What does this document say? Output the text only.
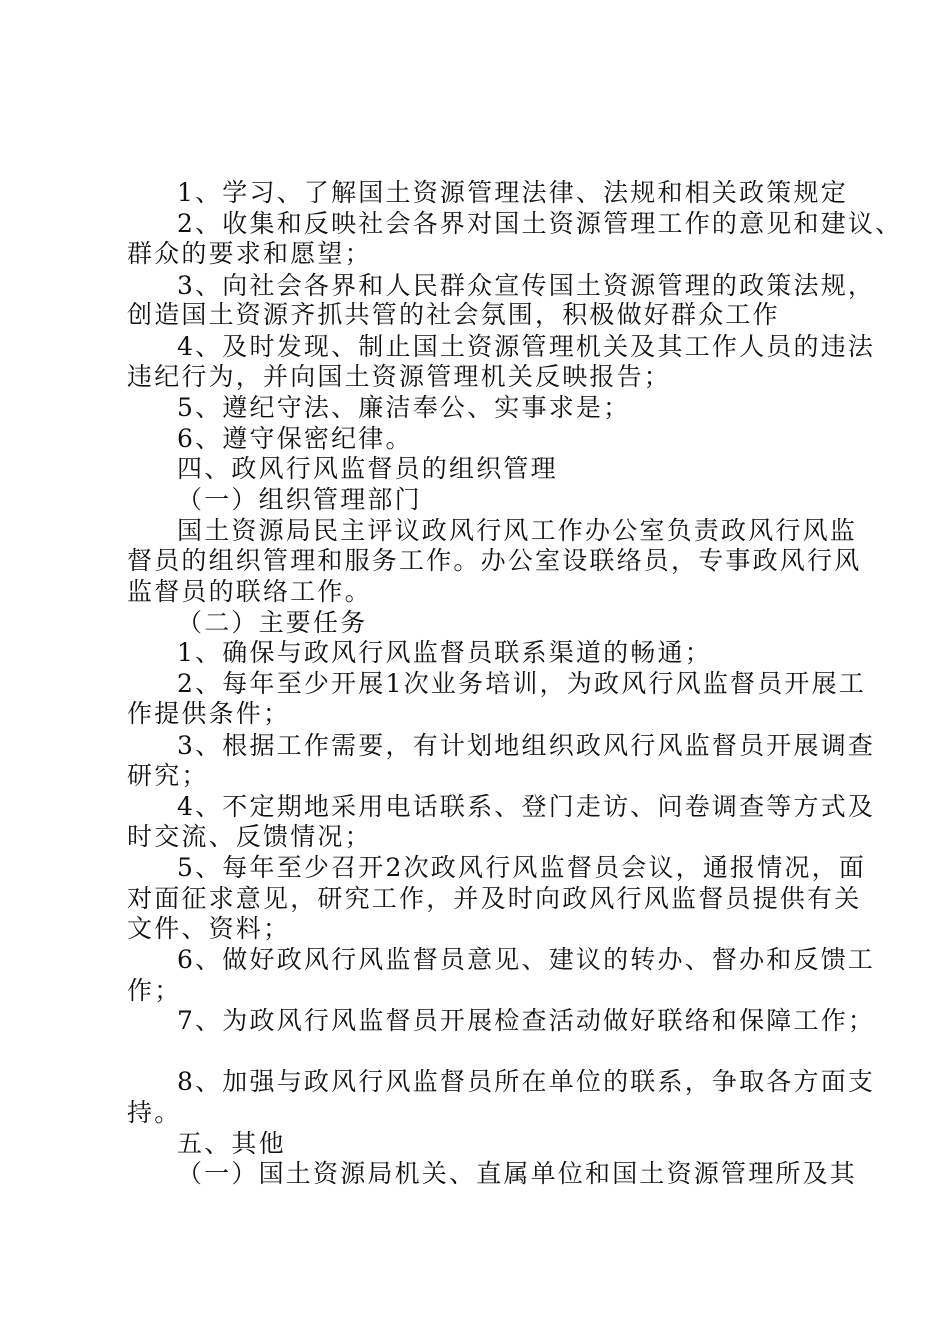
1、学习、了解国土资源管理法律、法规和相关政策规定
2、收集和反映社会各界对国土资源管理工作的意见和建议、
群众的要求和愿望；
3、向社会各界和人民群众宣传国土资源管理的政策法规，
创造国土资源齐抓共管的社会氛围，积极做好群众工作
4、及时发现、制止国土资源管理机关及其工作人员的违法
违纪行为，并向国土资源管理机关反映报告；
5、遵纪守法、廉洁奉公、实事求是；
6、遵守保密纪律。
四、政风行风监督员的组织管理
（一）组织管理部门
国土资源局民主评议政风行风工作办公室负责政风行风监
督员的组织管理和服务工作。办公室设联络员，专事政风行风
监督员的联络工作。
（二）主要任务
1、确保与政风行风监督员联系渠道的畅通；
2、每年至少开展1次业务培训，为政风行风监督员开展工
作提供条件；
3、根据工作需要，有计划地组织政风行风监督员开展调查
研究；
4、不定期地采用电话联系、登门走访、问卷调查等方式及
时交流、反馈情况；
5、每年至少召开2次政风行风监督员会议，通报情况，面
对面征求意见，研究工作，并及时向政风行风监督员提供有关
文件、资料；
6、做好政风行风监督员意见、建议的转办、督办和反馈工
作；
7、为政风行风监督员开展检查活动做好联络和保障工作；
8、加强与政风行风监督员所在单位的联系，争取各方面支
持。
五、其他
（一）国土资源局机关、直属单位和国土资源管理所及其
